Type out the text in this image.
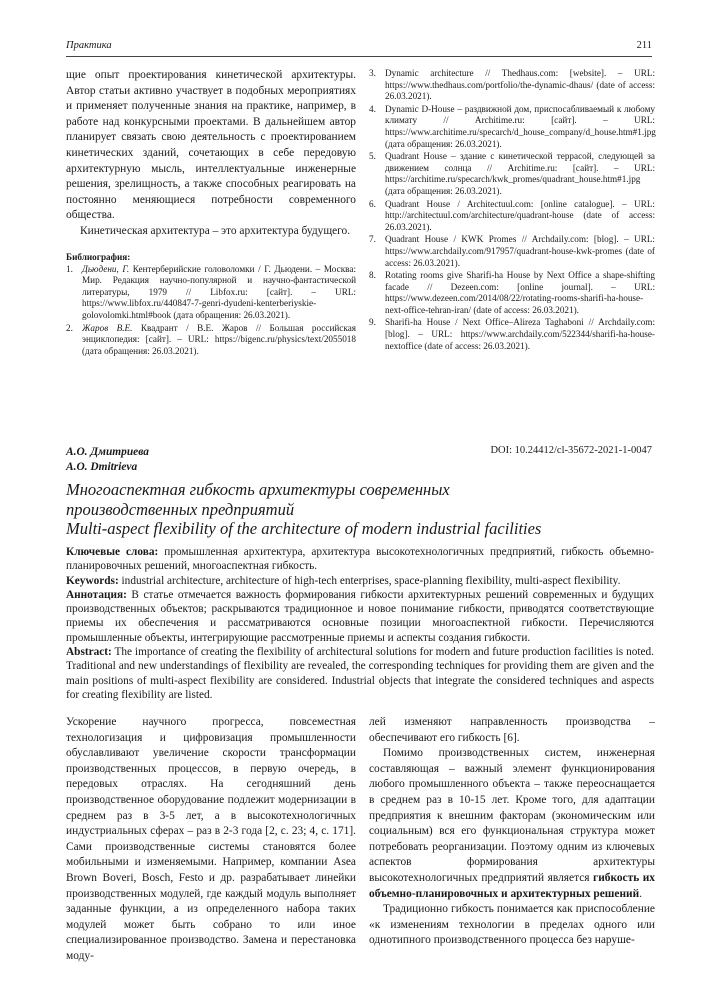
Практика	211

щие опыт проектирования кинетической архитектуры. Автор статьи активно участвует в подобных мероприятиях и применяет полученные знания на практике, например, в работе над конкурсными проектами. В дальнейшем автор планирует связать свою деятельность с проектированием кинетических зданий, сочетающих в себе передовую архитектурную мысль, интеллектуальные инженерные решения, зрелищность, а также способных реагировать на постоянно меняющиеся потребности современного общества.

Кинетическая архитектура – это архитектура будущего.

Библиография:
1. Дьюдени, Г. Кентерберийские головоломки / Г. Дьюдени. – Москва: Мир. Редакция научно-популярной и научно-фантастической литературы, 1979 // Libfox.ru: [сайт]. – URL: https://www.libfox.ru/440847-7-genri-dyudeni-kenterberiyskie-golovolomki.html#book (дата обращения: 26.03.2021).
2. Жаров В.Е. Квадрант / В.Е. Жаров // Большая российская энциклопедия: [сайт]. – URL: https://bigenc.ru/physics/text/2055018 (дата обращения: 26.03.2021).
3. Dynamic architecture // Thedhaus.com: [website]. – URL: https://www.thedhaus.com/portfolio/the-dynamic-dhaus/ (date of access: 26.03.2021).
4. Dynamic D-House – раздвижной дом, приспосабливаемый к любому климату // Architime.ru: [сайт]. – URL: https://www.architime.ru/specarch/d_house_company/d_house.htm#1.jpg (дата обращения: 26.03.2021).
5. Quadrant House – здание с кинетической террасой, следующей за движением солнца // Architime.ru: [сайт]. – URL: https://architime.ru/specarch/kwk_promes/quadrant_house.htm#1.jpg (дата обращения: 26.03.2021).
6. Quadrant House / Architectuul.com: [online catalogue]. – URL: http://architectuul.com/architecture/quadrant-house (date of access: 26.03.2021).
7. Quadrant House / KWK Promes // Archdaily.com: [blog]. – URL: https://www.archdaily.com/917957/quadrant-house-kwk-promes (date of access: 26.03.2021).
8. Rotating rooms give Sharifi-ha House by Next Office a shape-shifting facade // Dezeen.com: [online journal]. – URL: https://www.dezeen.com/2014/08/22/rotating-rooms-sharifi-ha-house-next-office-tehran-iran/ (date of access: 26.03.2021).
9. Sharifi-ha House / Next Office–Alireza Taghaboni // Archdaily.com: [blog]. – URL: https://www.archdaily.com/522344/sharifi-ha-house-nextoffice (date of access: 26.03.2021).
А.О. Дмитриева
A.O. Dmitrieva
DOI: 10.24412/cl-35672-2021-1-0047
Многоаспектная гибкость архитектуры современных
производственных предприятий
Multi-aspect flexibility of the architecture of modern industrial facilities

Ключевые слова: промышленная архитектура, архитектура высокотехнологичных предприятий, гибкость объемно-планировочных решений, многоаспектная гибкость.

Keywords: industrial architecture, architecture of high-tech enterprises, space-planning flexibility, multi-aspect flexibility.

Аннотация: В статье отмечается важность формирования гибкости архитектурных решений современных и будущих производственных объектов; раскрываются традиционное и новое понимание гибкости, приводятся соответствующие приемы их обеспечения и рассматриваются основные позиции многоаспектной гибкости. Перечисляются промышленные объекты, интегрирующие рассмотренные приемы и аспекты создания гибкости.

Abstract: The importance of creating the flexibility of architectural solutions for modern and future production facilities is noted. Traditional and new understandings of flexibility are revealed, the corresponding techniques for providing them are given and the main positions of multi-aspect flexibility are considered. Industrial objects that integrate the considered techniques and aspects for creating flexibility are listed.

Ускорение научного прогресса, повсеместная технологизация и цифровизация промышленности обуславливают увеличение скорости трансформации производственных процессов, в первую очередь, в передовых отраслях. На сегодняшний день производственное оборудование подлежит модернизации в среднем раз в 3-5 лет, а в высокотехнологичных индустриальных сферах – раз в 2-3 года [2, с. 23; 4, с. 171]. Сами производственные системы становятся более мобильными и изменяемыми. Например, компании Asea Brown Boveri, Bosch, Festo и др. разрабатывает линейки производственных модулей, где каждый модуль выполняет заданные функции, а из определенного набора таких модулей может быть собрано то или иное специализированное производство. Замена и перестановка моду-

лей изменяют направленность производства – обеспечивают его гибкость [6].

Помимо производственных систем, инженерная составляющая – важный элемент функционирования любого промышленного объекта – также переоснащается в среднем раз в 10-15 лет. Кроме того, для адаптации предприятия к внешним факторам (экономическим или социальным) вся его функциональная структура может потребовать реорганизации. Поэтому одним из ключевых аспектов формирования архитектуры высокотехнологичных предприятий является гибкость их объемно-планировочных и архитектурных решений.

Традиционно гибкость понимается как приспособление «к изменениям технологии в пределах одного или однотипного производственного процесса без наруше-
